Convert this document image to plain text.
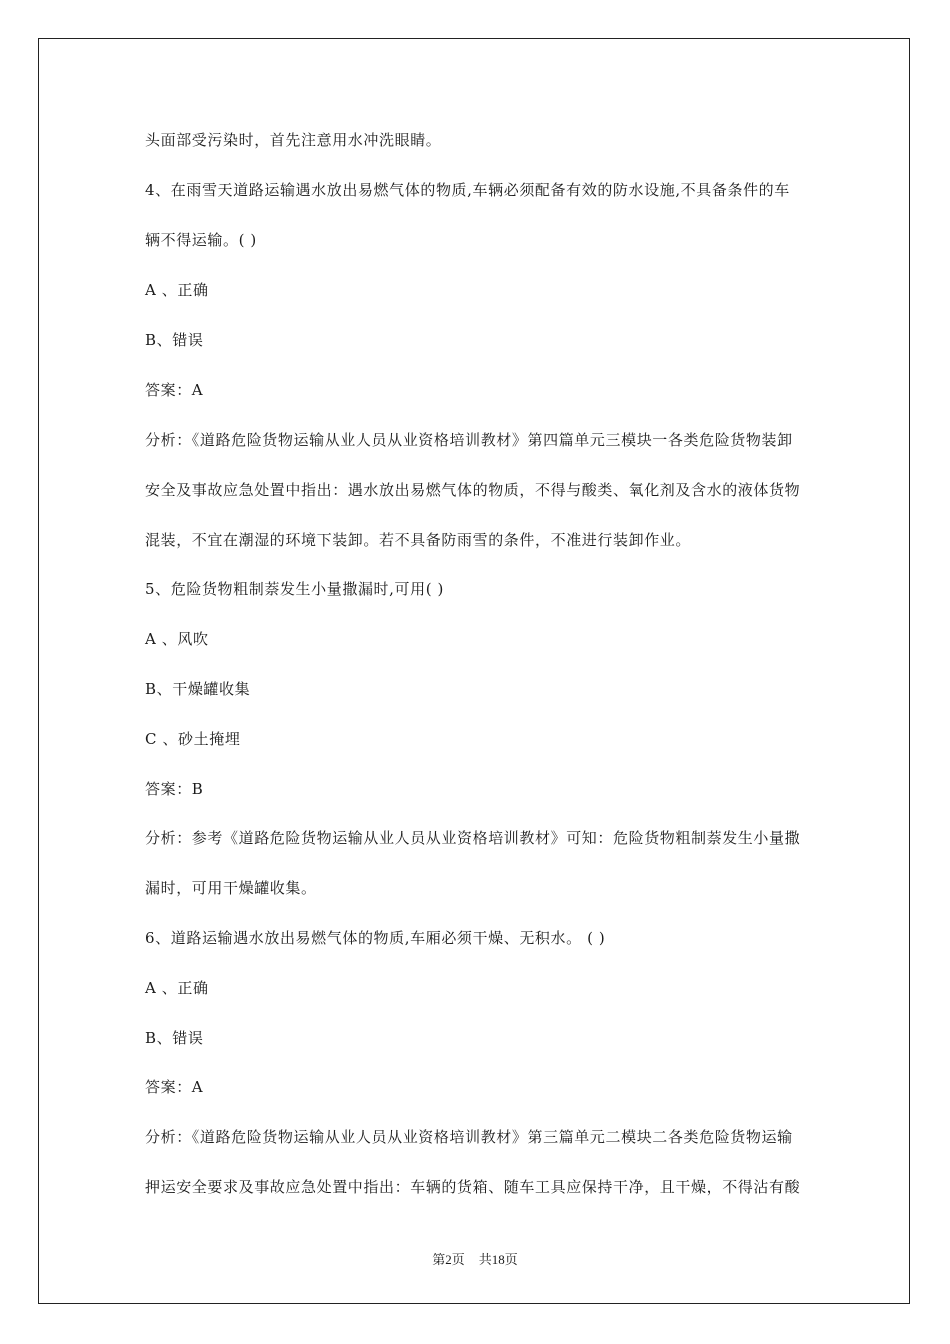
头面部受污染时，首先注意用水冲洗眼睛。
4、在雨雪天道路运输遇水放出易燃气体的物质,车辆必须配备有效的防水设施,不具备条件的车
辆不得运输。( )
A 、正确
B、错误
答案：A
分析：《道路危险货物运输从业人员从业资格培训教材》第四篇单元三模块一各类危险货物装卸
安全及事故应急处置中指出：遇水放出易燃气体的物质，不得与酸类、氧化剂及含水的液体货物
混装，不宜在潮湿的环境下装卸。若不具备防雨雪的条件，不准进行装卸作业。
5、危险货物粗制萘发生小量撒漏时,可用( )
A 、风吹
B、干燥罐收集
C 、砂土掩埋
答案：B
分析：参考《道路危险货物运输从业人员从业资格培训教材》可知：危险货物粗制萘发生小量撒
漏时，可用干燥罐收集。
6、道路运输遇水放出易燃气体的物质,车厢必须干燥、无积水。 ( )
A 、正确
B、错误
答案：A
分析：《道路危险货物运输从业人员从业资格培训教材》第三篇单元二模块二各类危险货物运输
押运安全要求及事故应急处置中指出：车辆的货箱、随车工具应保持干净，且干燥，不得沾有酸
第2页 共18页
